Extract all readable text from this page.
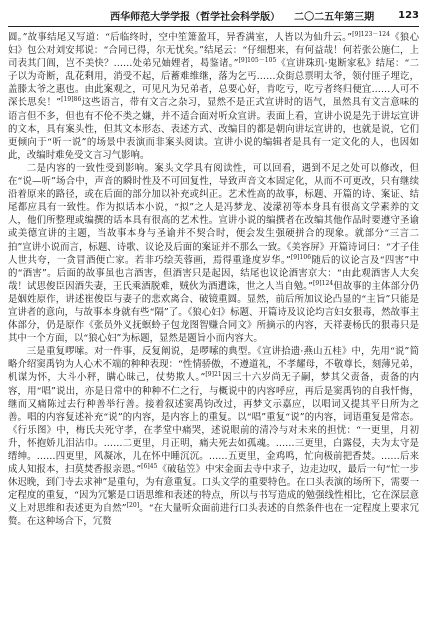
西华师范大学学报（哲学社会科学版） 二〇二五年第三期 123

圆。”故事结尾又写道：“后临终时，空中笙箫盈耳，异香满室，人皆以为仙升云。”$^{[9]123-124}$《狼心妇》包公对刘安邦说：“合同已得，尔无忧矣。”结尾云：“仔细想来，有何益哉！何若张公施仁，上司表其门阊，岂不美快？……处弟兄妯娌者，曷鉴诸。”$^{[9]105-105}$《宣讲珠玑·鬼断家私》结尾：“二子以为奇断，乱花剩用，消受不起，后蓄难维继，落为乞丐……众街总票明太爷，领付匪子埋讫，盖滕太爷之惠也。由此案观之，可见凡为兄弟者，总要心好，肯吃亏，吃亏者终归便宜……人可不深长思矣！”$^{[19]86}$这些语言，带有文言之杂习，显然不是正式宣讲时的语气，虽然具有文言意味的语言但不多，但也有不伦不类之嫌，并不适合面对听众宣讲。表面上看，宣讲小说是先于讲坛宣讲的文本，具有案头性，但其文本形态、表述方式、改编目的都是朝向讲坛宣讲的，也就是说，它们更倾向于“听一说”的场景中表演而非案头阅读。宣讲小说的编辑者是具有一定文化的人，也因如此，改编时难免受文言习气影响。

二是内容的一致性受到影响。案头文学具有阅读性，可以回看，遇到不足之处可以修改，但在“说—听”场合中，声音的瞬时性及不可回复性，导致声音文本固定化，从而不可更改，只有继续沿着原来的路径，或在后面的部分加以补充或纠正。艺术性高的故事，标题、开篇的诗、案证、结尾都应具有一致性。作为拟话本小说，“拟”之人是冯梦龙、凌濛初等本身具有很高文学素养的文人，他们所整理或编撰的话本具有很高的艺术性。宣讲小说的编撰者在改编其他作品时要遵守圣谕或美德宣讲的主题，当故事本身与圣谕并不契合时，便会发生强硬拼合的现象。就部分“三言二拍”宣讲小说而言，标题、诗歌、议论及后面的案证并不那么一致。《美容屏》开篇诗词曰：“才子佳人世共夸，一贪冒酒便亡家。若非巧绘芙蓉画，焉得重逢度岁华。”$^{[9]106}$随后的议论言及“四害”中的“酒害”。后面的故事虽也言酒害，但酒害只是起因，结尾也议论酒害京大：“由此观酒害人大矣哉！试思俊臣因酒失妻，王氏乘酒脱难，贼伙为酒遭诛，世之人当自勉。”$^{[9]124}$但故事的主体部分仍是姻姓原作，讲述崔俊臣与妻子的悲欢离合、破镜重圆。显然，前后所加议论凸显的“主旨”只能是宣讲者的意向，与故事本身就有些“隔”了。《狼心妇》标题、开篇诗及议论均言妇女狠毒，然故事主体部分，仍是原作《张员外义抚螟蛉子包龙图智赚合同文》所摘示的内容，天祥妻杨氏的狠毒只是其中一个方面，以“狼心妇”为标题，显然是题旨小而内容大。

三是重复啰嗦。对一件事，反复阐说，是啰嗦的典型。《宣讲拾遗·燕山五桂》中，先用“说”简略介绍窦禹钧为人心术不端的种种表现：“性情骄傲，不遵道礼，不孝耀母，不敬尊长，刻薄兄弟，机谋为怀，大斗小秤，瞒心昧己，仗势欺人。”$^{[9]21}$因三十六岁尚无子嗣，梦其父责备，责备的内容，用“唱”说出，亦是日常中的种种不仁之行，与概说中的内容呼应，再后是窦禹钧的自我忏悔，继而又痛陈过去行种善举行善。接着叙述窦禹钧改过，再梦文示嘉应，以唱词又提其平日所为之善。唱的内容复述补充“说”的内容，是内容上的重复。以“唱”重复“说”的内容，词语重复是常态。《行乐图》中，梅氏夫死守孝，在孝堂中痛哭，述说眼前的清冷与对未来的担忧：“一更里，月初升，怀抱娇儿泪沾巾。……二更里，月正明，痛夫死去如孤魂。……三更里，白露侵，夫为太守是缙绅。……四更里，风凝冰，儿在怀中睡沉沉。……五更里，金鸡鸣，忙向极前把香焚。……后来成人知报本，扫莫焚香报亲恩。”$^{[6]45}$《破毡笠》中宋金面去寺中求子，边走边叹，最后一句“忙一步休迟晚，到门寺去求神”是重句，为有意重复。口头文学的重要特色。在口头表演的场所下，需要一定程度的重复，“因为冗繁是口语思维和表述的特点，所以与书写造成的勉强线性相比，它在深层意义上对思维和表述更为自然”[20]。“在大量听众面前进行口头表述的自然条件也在一定程度上要求冗赘。在这种场合下，冗赘
